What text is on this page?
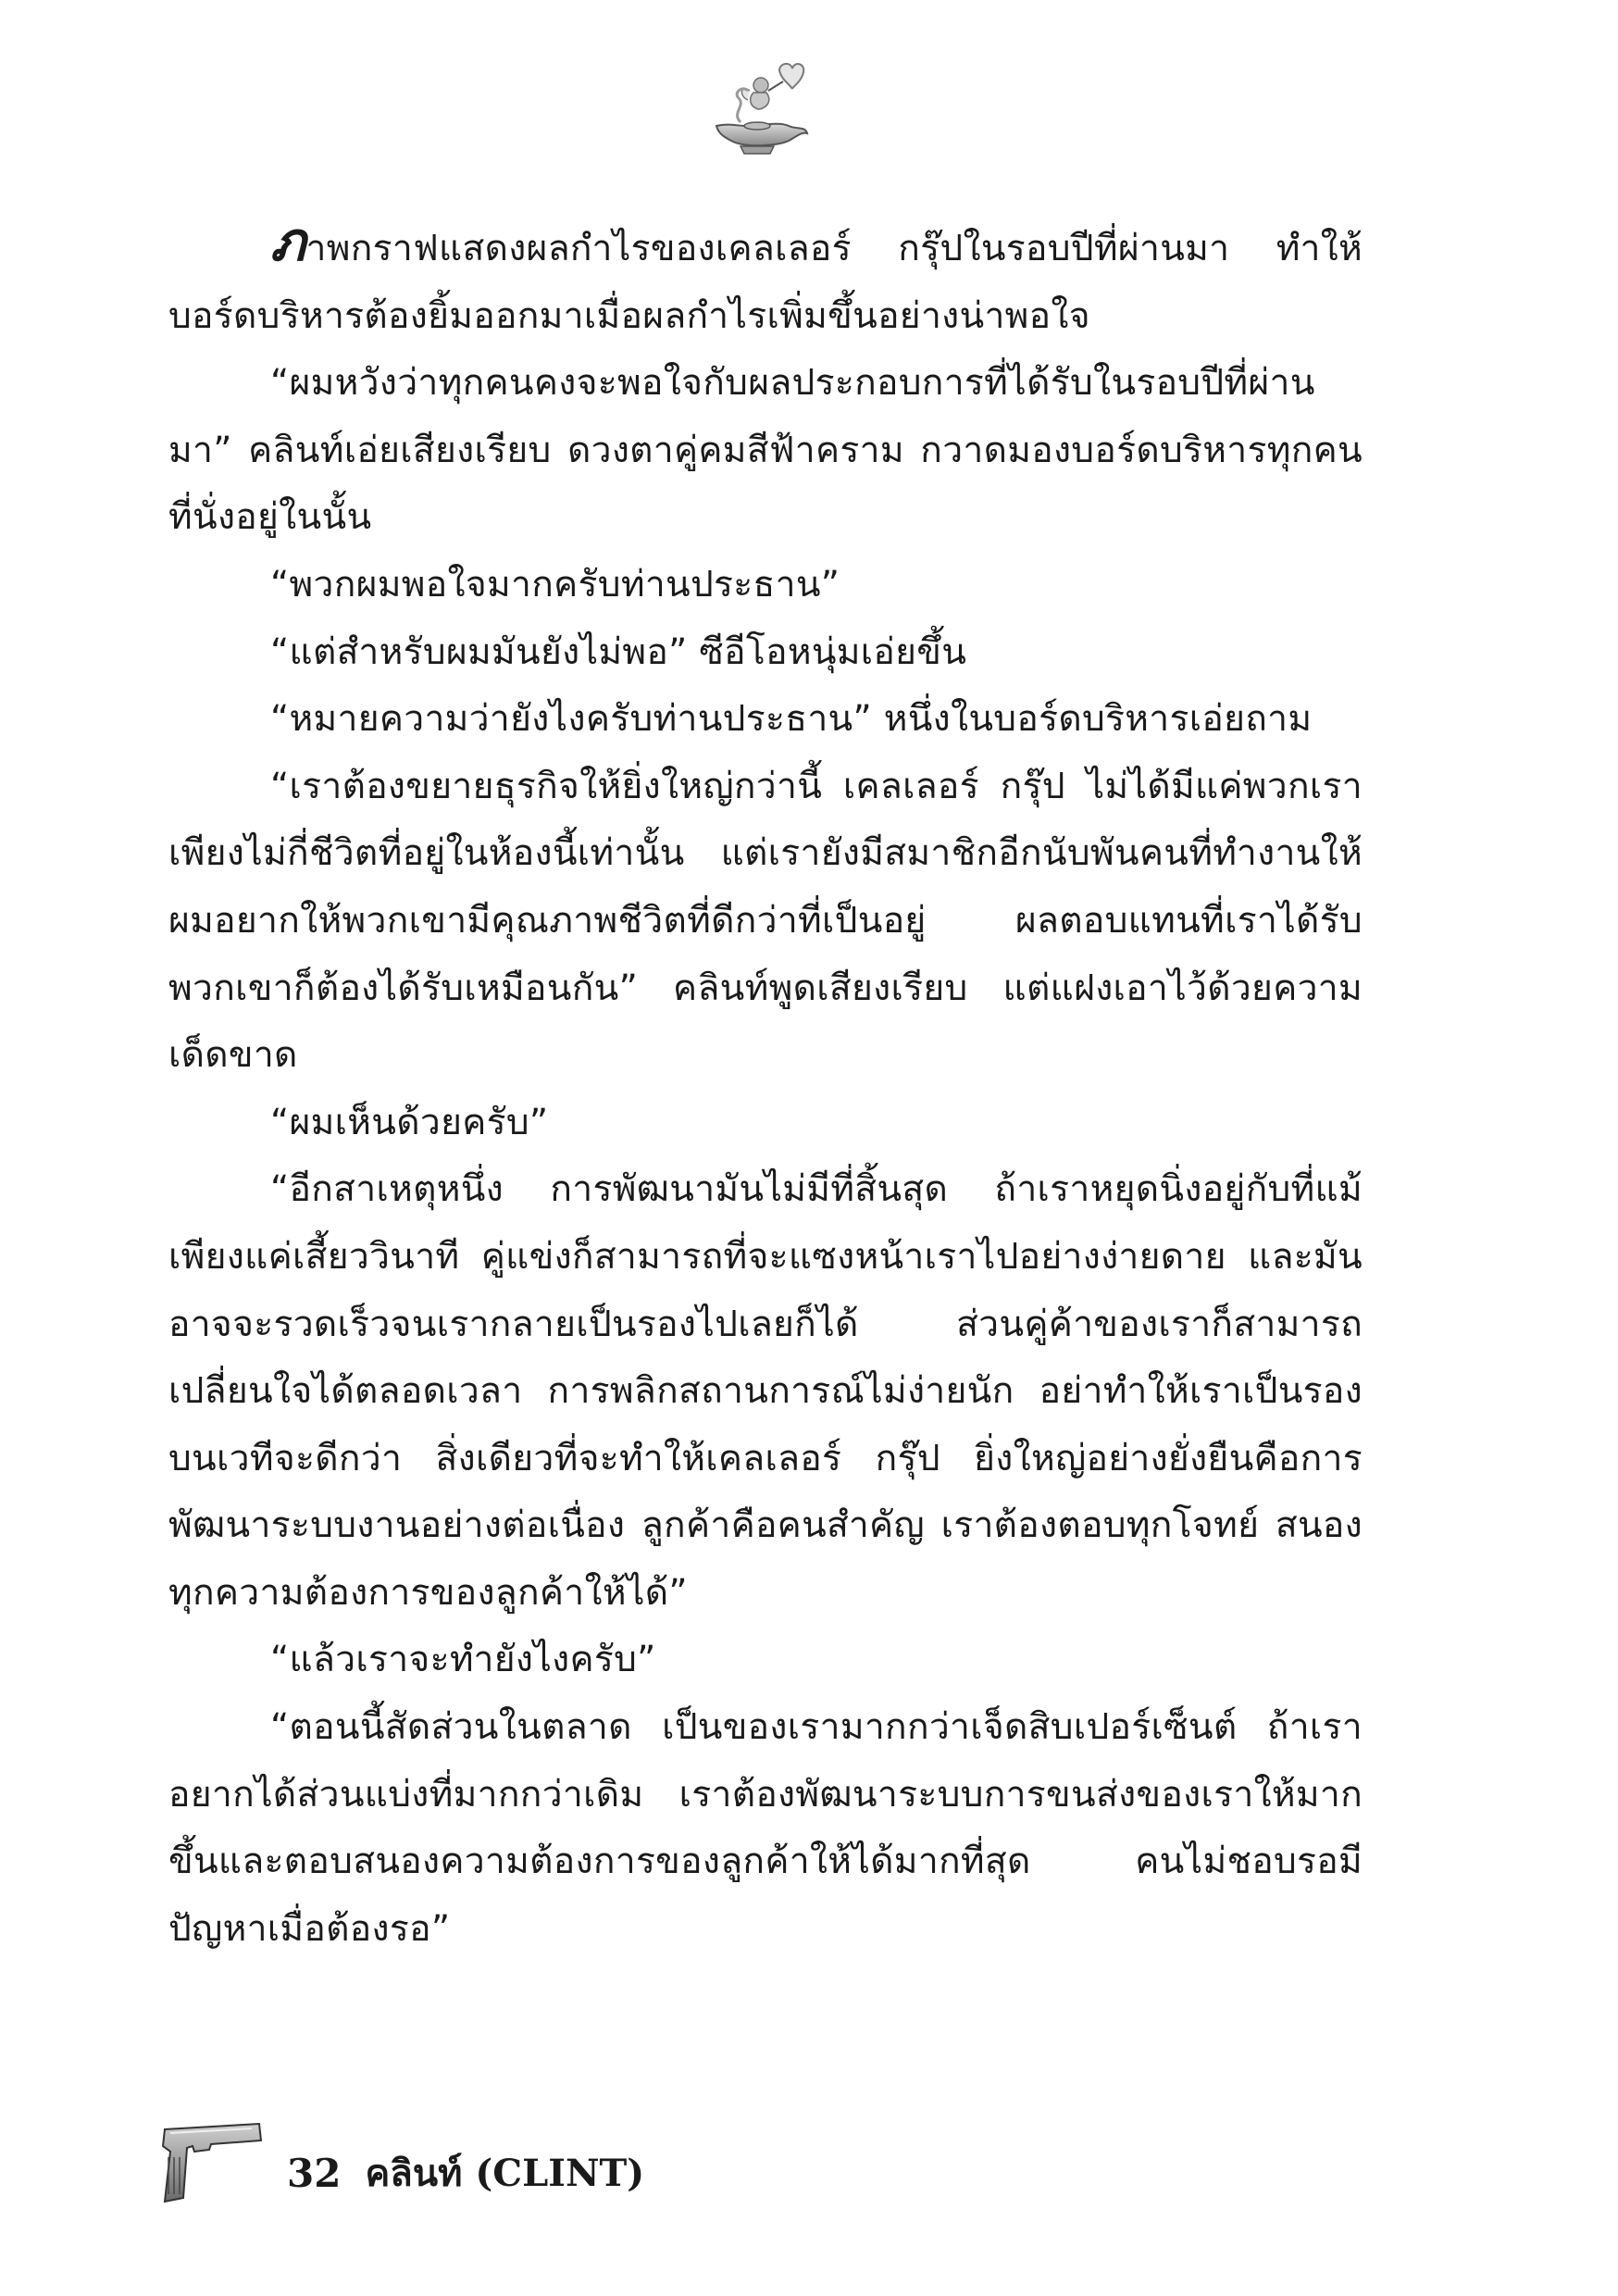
ภาพกราฟแสดงผลกำไรของเคลเลอร์ กรุ๊ปในรอบปีที่ผ่านมา ทำให้บอร์ดบริหารต้องยิ้มออกมาเมื่อผลกำไรเพิ่มขึ้นอย่างน่าพอใจ

“ผมหวังว่าทุกคนคงจะพอใจกับผลประกอบการที่ได้รับในรอบปีที่ผ่านมา” คลินท์เอ่ยเสียงเรียบ ดวงตาคู่คมสีฟ้าคราม กวาดมองบอร์ดบริหารทุกคนที่นั่งอยู่ในนั้น

“พวกผมพอใจมากครับท่านประธาน”

“แต่สำหรับผมมันยังไม่พอ” ซีอีโอหนุ่มเอ่ยขึ้น

“หมายความว่ายังไงครับท่านประธาน” หนึ่งในบอร์ดบริหารเอ่ยถาม

“เราต้องขยายธุรกิจให้ยิ่งใหญ่กว่านี้ เคลเลอร์ กรุ๊ป ไม่ได้มีแค่พวกเราเพียงไม่กี่ชีวิตที่อยู่ในห้องนี้เท่านั้น แต่เรายังมีสมาชิกอีกนับพันคนที่ทำงานให้ ผมอยากให้พวกเขามีคุณภาพชีวิตที่ดีกว่าที่เป็นอยู่ ผลตอบแทนที่เราได้รับ พวกเขาก็ต้องได้รับเหมือนกัน” คลินท์พูดเสียงเรียบ แต่แฝงเอาไว้ด้วยความเด็ดขาด

“ผมเห็นด้วยครับ”

“อีกสาเหตุหนึ่ง การพัฒนามันไม่มีที่สิ้นสุด ถ้าเราหยุดนิ่งอยู่กับที่แม้เพียงแค่เสี้ยววินาที คู่แข่งก็สามารถที่จะแซงหน้าเราไปอย่างง่ายดาย และมันอาจจะรวดเร็วจนเรากลายเป็นรองไปเลยก็ได้ ส่วนคู่ค้าของเราก็สามารถเปลี่ยนใจได้ตลอดเวลา การพลิกสถานการณ์ไม่ง่ายนัก อย่าทำให้เราเป็นรองบนเวทีจะดีกว่า สิ่งเดียวที่จะทำให้เคลเลอร์ กรุ๊ป ยิ่งใหญ่อย่างยั่งยืนคือการพัฒนาระบบงานอย่างต่อเนื่อง ลูกค้าคือคนสำคัญ เราต้องตอบทุกโจทย์ สนองทุกความต้องการของลูกค้าให้ได้”

“แล้วเราจะทำยังไงครับ”

“ตอนนี้สัดส่วนในตลาด เป็นของเรามากกว่าเจ็ดสิบเปอร์เซ็นต์ ถ้าเราอยากได้ส่วนแบ่งที่มากกว่าเดิม เราต้องพัฒนาระบบการขนส่งของเราให้มากขึ้นและตอบสนองความต้องการของลูกค้าให้ได้มากที่สุด คนไม่ชอบรอมีปัญหาเมื่อต้องรอ”

32 คลินท์ (CLINT)
